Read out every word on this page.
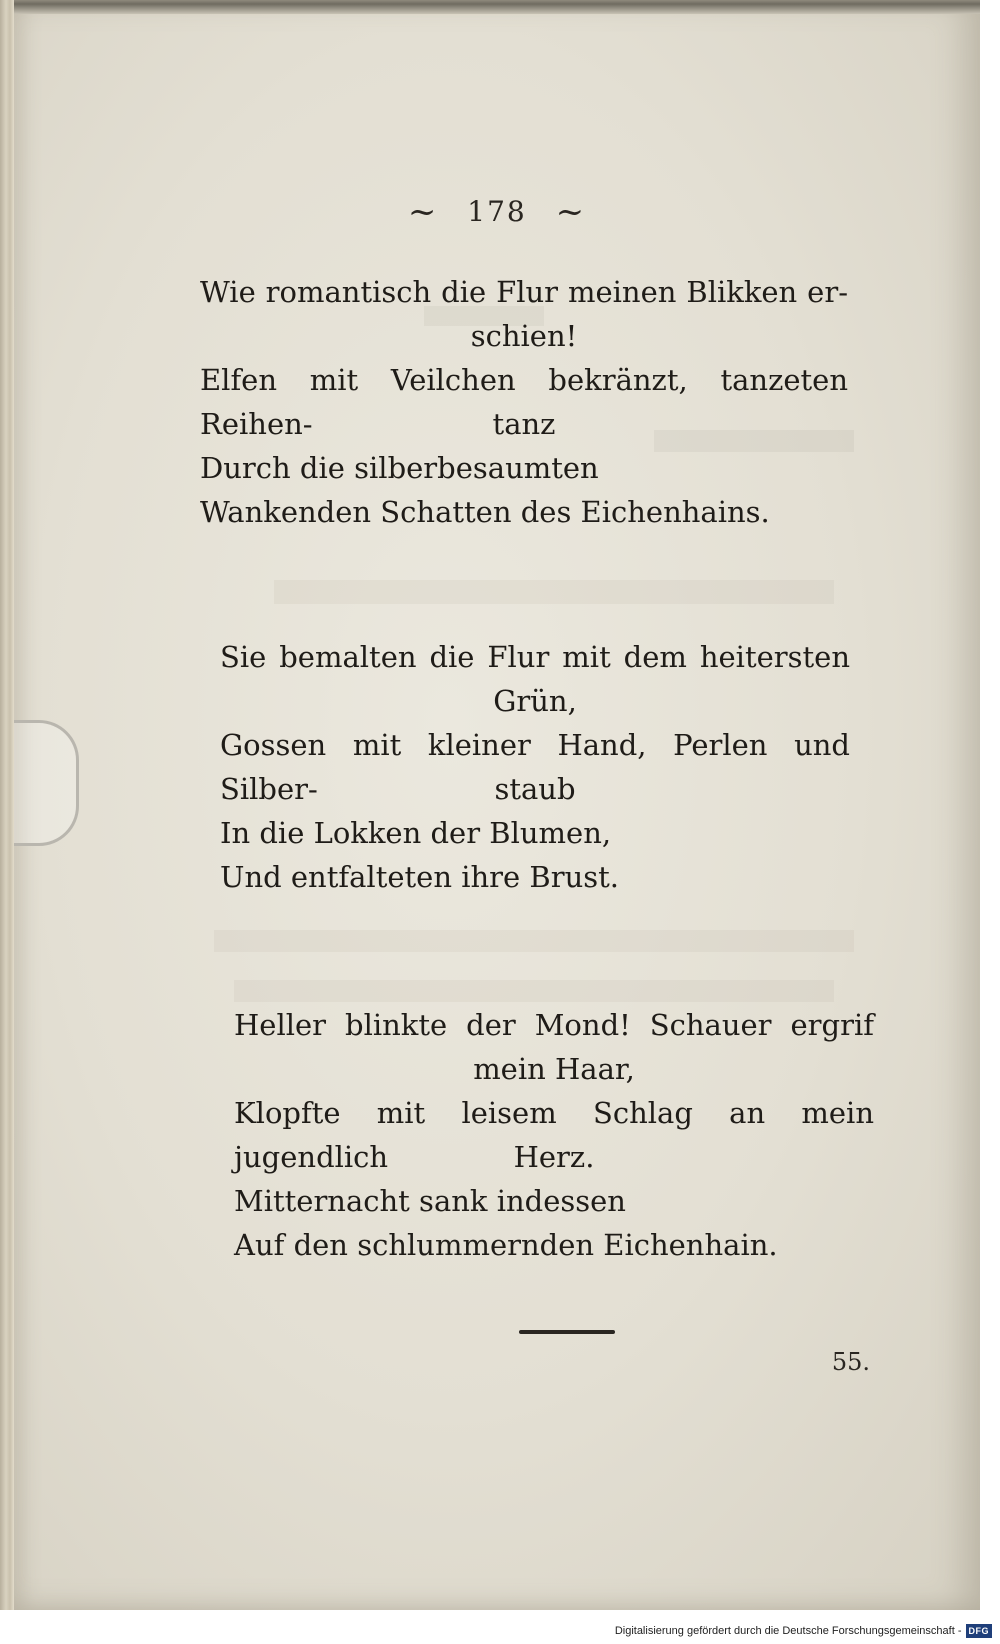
~ 178 ~
Wie romantisch die Flur meinen Blikken er-
schien!
Elfen mit Veilchen bekränzt, tanzeten Reihen-	tanz
Durch die silberbesaumten
Wankenden Schatten des Eichenhains.
Sie bemalten die Flur mit dem heitersten
Grün,
Gossen mit kleiner Hand, Perlen und Silber-	staub
In die Lokken der Blumen,
Und entfalteten ihre Brust.
Heller blinkte der Mond! Schauer ergrif
mein Haar,
Klopfte mit leisem Schlag an mein jugendlich	Herz.
Mitternacht sank indessen
Auf den schlummernden Eichenhain.
55.
Digitalisierung gefördert durch die Deutsche Forschungsgemeinschaft - DFG
